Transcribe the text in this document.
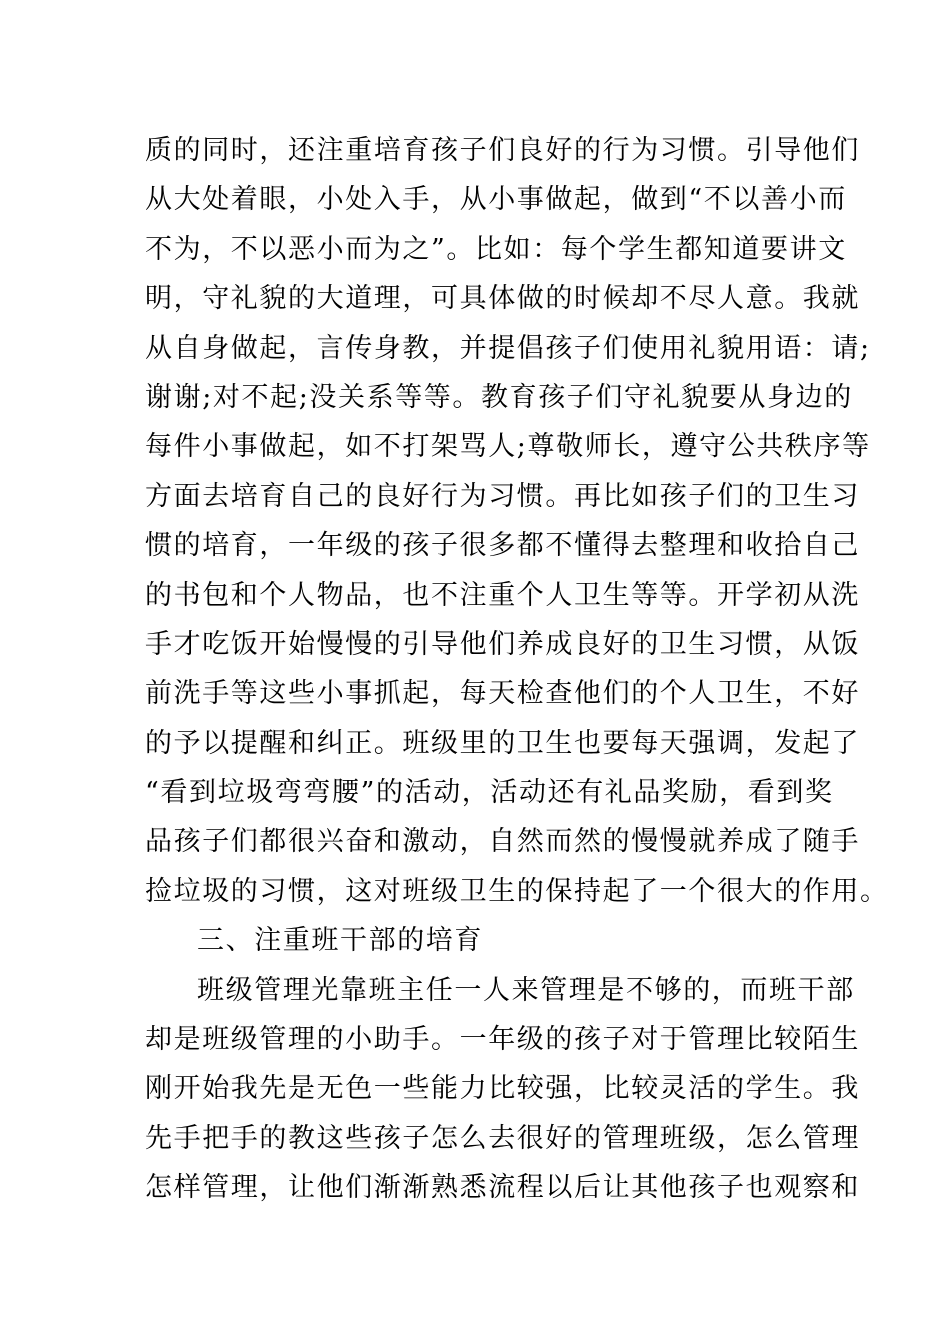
质的同时，还注重培育孩子们良好的行为习惯。引导他们
从大处着眼，小处入手，从小事做起，做到“不以善小而
不为，不以恶小而为之”。比如：每个学生都知道要讲文
明，守礼貌的大道理，可具体做的时候却不尽人意。我就
从自身做起，言传身教，并提倡孩子们使用礼貌用语：请;
谢谢;对不起;没关系等等。教育孩子们守礼貌要从身边的
每件小事做起，如不打架骂人;尊敬师长，遵守公共秩序等
方面去培育自己的良好行为习惯。再比如孩子们的卫生习
惯的培育，一年级的孩子很多都不懂得去整理和收拾自己
的书包和个人物品，也不注重个人卫生等等。开学初从洗
手才吃饭开始慢慢的引导他们养成良好的卫生习惯，从饭
前洗手等这些小事抓起，每天检查他们的个人卫生，不好
的予以提醒和纠正。班级里的卫生也要每天强调，发起了
“看到垃圾弯弯腰”的活动，活动还有礼品奖励，看到奖
品孩子们都很兴奋和激动，自然而然的慢慢就养成了随手
捡垃圾的习惯，这对班级卫生的保持起了一个很大的作用。
三、注重班干部的培育
班级管理光靠班主任一人来管理是不够的，而班干部
却是班级管理的小助手。一年级的孩子对于管理比较陌生
刚开始我先是无色一些能力比较强，比较灵活的学生。我
先手把手的教这些孩子怎么去很好的管理班级，怎么管理
怎样管理，让他们渐渐熟悉流程以后让其他孩子也观察和
